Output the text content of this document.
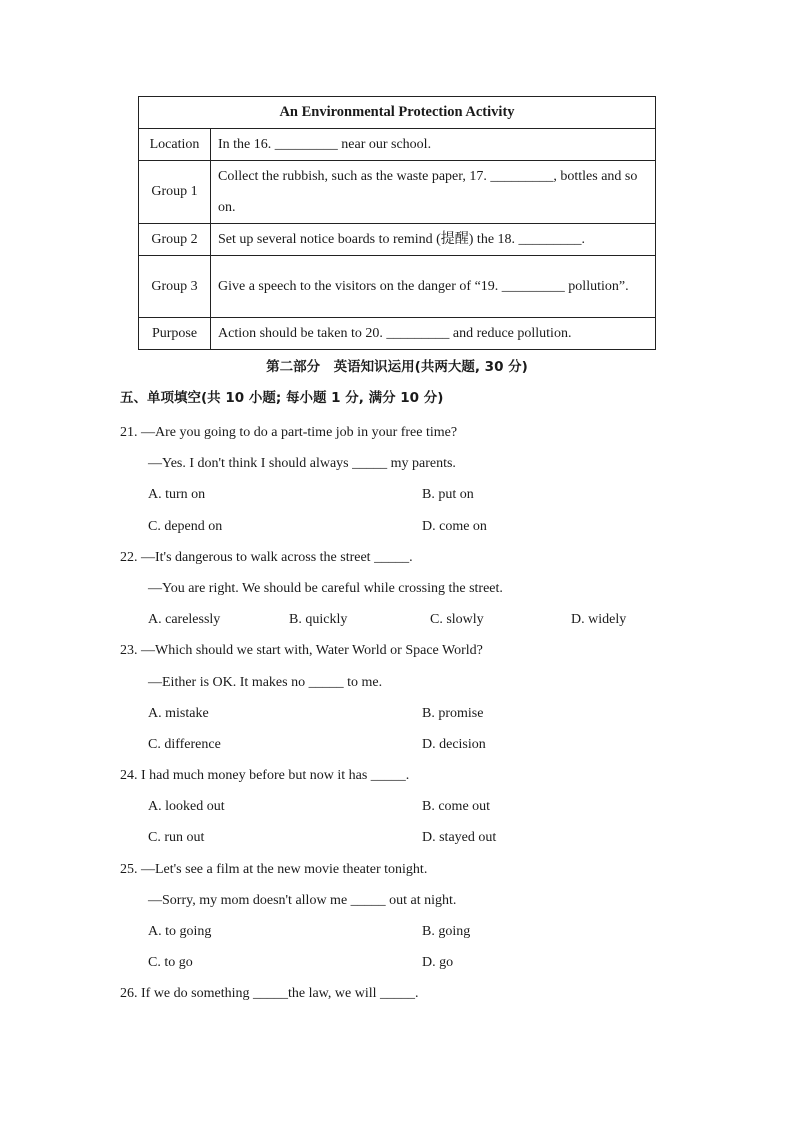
An Environmental Protection Activity	
Location	In the 16. _________ near our school.
Group 1	Collect the rubbish, such as the waste paper, 17. _________, bottles and so on.
Group 2	Set up several notice boards to remind (提醒) the 18. _________.
Group 3	Give a speech to the visitors on the danger of “19. _________ pollution”.
Purpose	Action should be taken to 20. _________ and reduce pollution.
第二部分　英语知识运用(共两大题, 30 分)
五、单项填空(共 10 小题; 每小题 1 分, 满分 10 分)
21. —Are you going to do a part-time job in your free time?
—Yes. I don't think I should always _____ my parents.
A. turn on	B. put on
C. depend on	D. come on
22. —It's dangerous to walk across the street _____.
—You are right. We should be careful while crossing the street.
A. carelessly	B. quickly	C. slowly	D. widely
23. —Which should we start with, Water World or Space World?
—Either is OK. It makes no _____ to me.
A. mistake	B. promise
C. difference	D. decision
24. I had much money before but now it has _____.
A. looked out	B. come out
C. run out	D. stayed out
25. —Let's see a film at the new movie theater tonight.
—Sorry, my mom doesn't allow me _____ out at night.
A. to going	B. going
C. to go	D. go
26. If we do something _____the law, we will _____.
